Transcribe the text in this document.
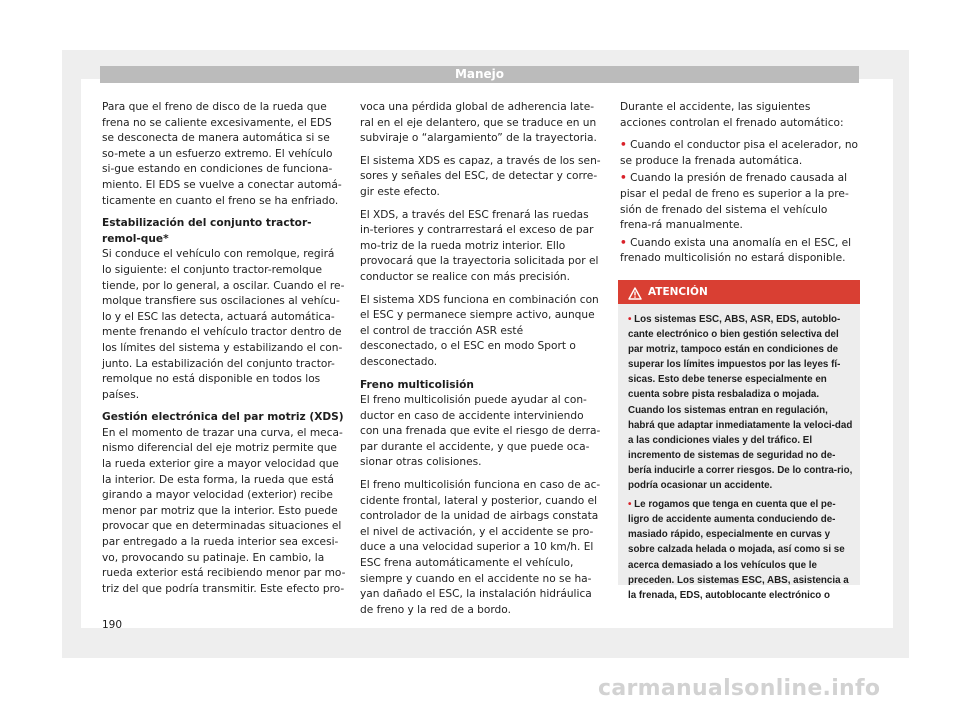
Manejo

Para que el freno de disco de la rueda que frena no se caliente excesivamente, el EDS se desconecta de manera automática si se so-mete a un esfuerzo extremo. El vehículo si-gue estando en condiciones de funciona-miento. El EDS se vuelve a conectar automá-ticamente en cuanto el freno se ha enfriado.

Estabilización del conjunto tractor-remol-que*

Si conduce el vehículo con remolque, regirá lo siguiente: el conjunto tractor-remolque tiende, por lo general, a oscilar. Cuando el re-molque transfiere sus oscilaciones al vehícu-lo y el ESC las detecta, actuará automática-mente frenando el vehículo tractor dentro de los límites del sistema y estabilizando el con-junto. La estabilización del conjunto tractor-remolque no está disponible en todos los países.

Gestión electrónica del par motriz (XDS)

En el momento de trazar una curva, el meca-nismo diferencial del eje motriz permite que la rueda exterior gire a mayor velocidad que la interior. De esta forma, la rueda que está girando a mayor velocidad (exterior) recibe menor par motriz que la interior. Esto puede provocar que en determinadas situaciones el par entregado a la rueda interior sea excesi-vo, provocando su patinaje. En cambio, la rueda exterior está recibiendo menor par mo-triz del que podría transmitir. Este efecto pro-

voca una pérdida global de adherencia late-ral en el eje delantero, que se traduce en un subviraje o “alargamiento” de la trayectoria.

El sistema XDS es capaz, a través de los sen-sores y señales del ESC, de detectar y corre-gir este efecto.

El XDS, a través del ESC frenará las ruedas in-teriores y contrarrestará el exceso de par mo-triz de la rueda motriz interior. Ello provocará que la trayectoria solicitada por el conductor se realice con más precisión.

El sistema XDS funciona en combinación con el ESC y permanece siempre activo, aunque el control de tracción ASR esté desconectado, o el ESC en modo Sport o desconectado.

Freno multicolisión

El freno multicolisión puede ayudar al con-ductor en caso de accidente interviniendo con una frenada que evite el riesgo de derra-par durante el accidente, y que puede oca-sionar otras colisiones.

El freno multicolisión funciona en caso de ac-cidente frontal, lateral y posterior, cuando el controlador de la unidad de airbags constata el nivel de activación, y el accidente se pro-duce a una velocidad superior a 10 km/h. El ESC frena automáticamente el vehículo, siempre y cuando en el accidente no se ha-yan dañado el ESC, la instalación hidráulica de freno y la red de a bordo.

Durante el accidente, las siguientes acciones controlan el frenado automático:

• Cuando el conductor pisa el acelerador, no se produce la frenada automática.

• Cuando la presión de frenado causada al pisar el pedal de freno es superior a la pre-sión de frenado del sistema el vehículo frena-rá manualmente.

• Cuando exista una anomalía en el ESC, el frenado multicolisión no estará disponible.

ATENCIÓN

• Los sistemas ESC, ABS, ASR, EDS, autoblo-cante electrónico o bien gestión selectiva del par motriz, tampoco están en condiciones de superar los límites impuestos por las leyes fí-sicas. Esto debe tenerse especialmente en cuenta sobre pista resbaladiza o mojada. Cuando los sistemas entran en regulación, habrá que adaptar inmediatamente la veloci-dad a las condiciones viales y del tráfico. El incremento de sistemas de seguridad no de-bería inducirle a correr riesgos. De lo contra-rio, podría ocasionar un accidente.

• Le rogamos que tenga en cuenta que el pe-ligro de accidente aumenta conduciendo de-masiado rápido, especialmente en curvas y sobre calzada helada o mojada, así como si se acerca demasiado a los vehículos que le preceden. Los sistemas ESC, ABS, asistencia a la frenada, EDS, autoblocante electrónico o

190
carmanualsonline.info
